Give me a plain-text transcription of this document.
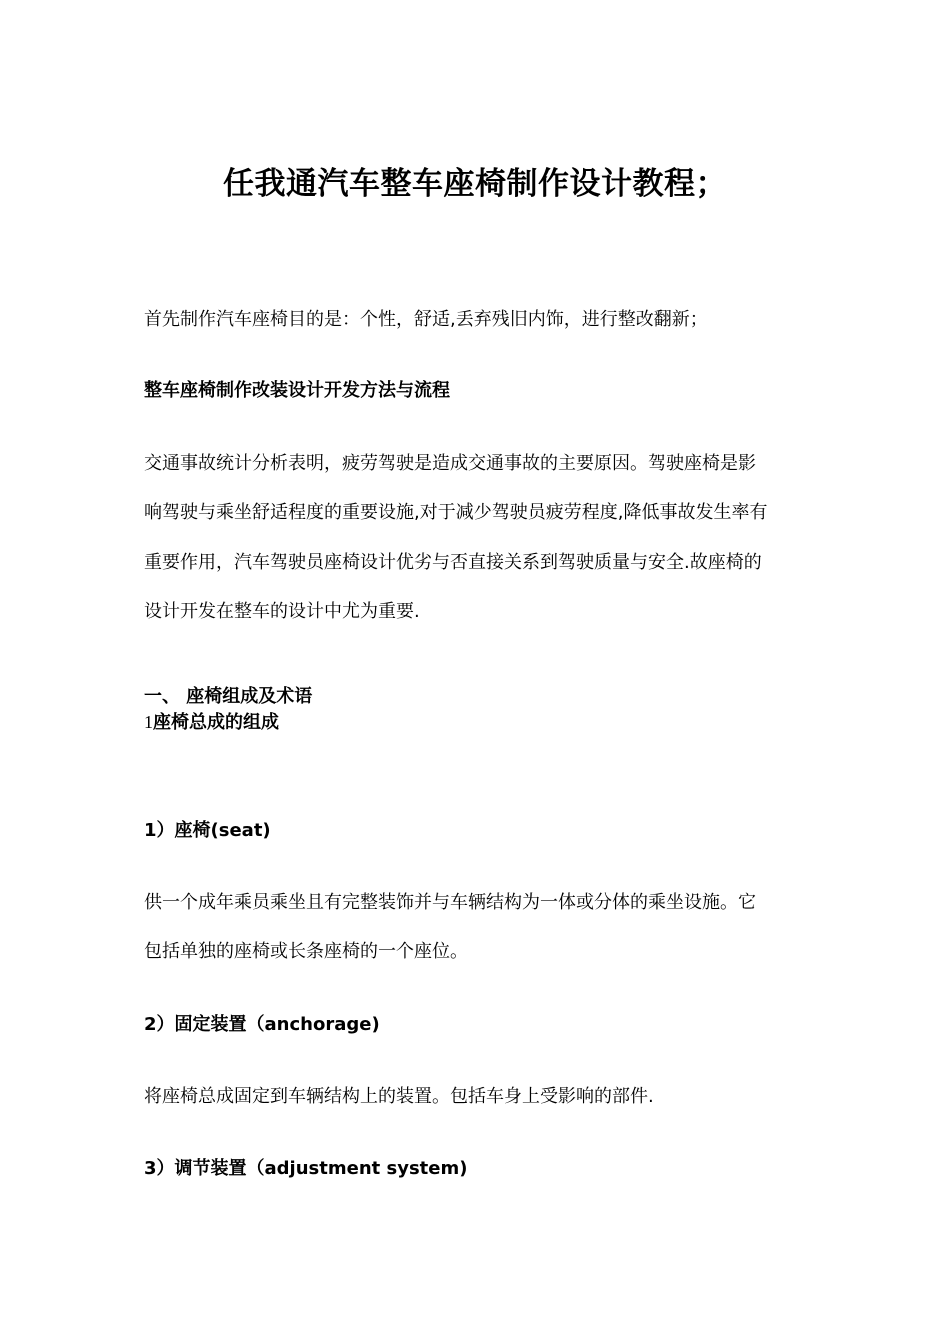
任我通汽车整车座椅制作设计教程；
首先制作汽车座椅目的是：个性，舒适,丢弃残旧内饰，进行整改翻新；
整车座椅制作改装设计开发方法与流程
交通事故统计分析表明，疲劳驾驶是造成交通事故的主要原因。驾驶座椅是影
响驾驶与乘坐舒适程度的重要设施,对于减少驾驶员疲劳程度,降低事故发生率有
重要作用，汽车驾驶员座椅设计优劣与否直接关系到驾驶质量与安全.故座椅的
设计开发在整车的设计中尤为重要.
一、 座椅组成及术语
1座椅总成的组成
1）座椅(seat)
供一个成年乘员乘坐且有完整装饰并与车辆结构为一体或分体的乘坐设施。它
包括单独的座椅或长条座椅的一个座位。
2）固定装置（anchorage)
将座椅总成固定到车辆结构上的装置。包括车身上受影响的部件.
3）调节装置（adjustment system)
